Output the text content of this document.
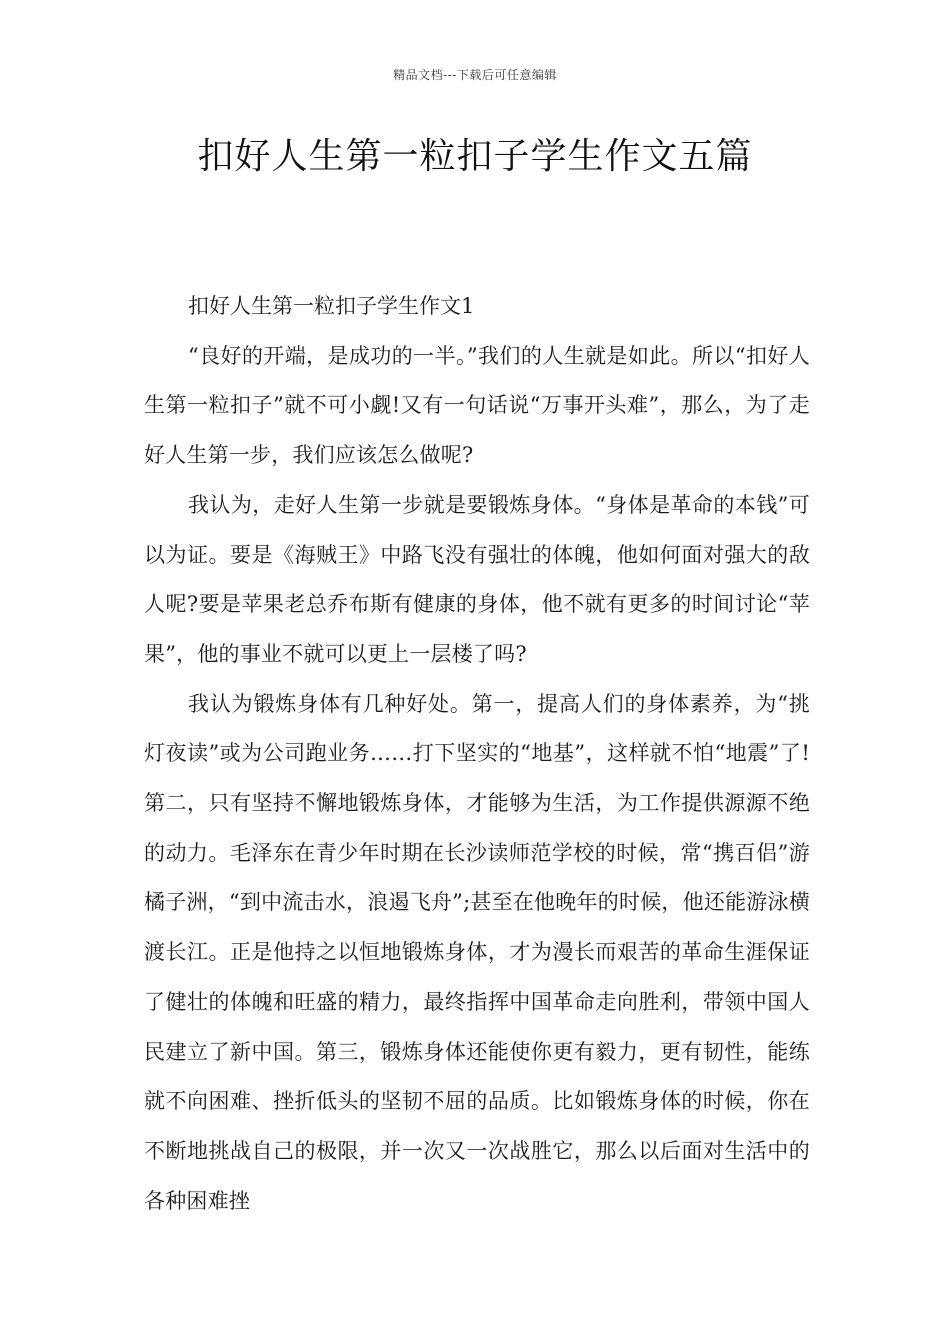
精品文档---下载后可任意编辑
扣好人生第一粒扣子学生作文五篇

扣好人生第一粒扣子学生作文1

“良好的开端，是成功的一半。”我们的人生就是如此。所以“扣好人生第一粒扣子”就不可小觑!又有一句话说“万事开头难”，那么，为了走好人生第一步，我们应该怎么做呢?

我认为，走好人生第一步就是要锻炼身体。“身体是革命的本钱”可以为证。要是《海贼王》中路飞没有强壮的体魄，他如何面对强大的敌人呢?要是苹果老总乔布斯有健康的身体，他不就有更多的时间讨论“苹果”，他的事业不就可以更上一层楼了吗?

我认为锻炼身体有几种好处。第一，提高人们的身体素养，为“挑灯夜读”或为公司跑业务……打下坚实的“地基”，这样就不怕“地震”了!第二，只有坚持不懈地锻炼身体，才能够为生活，为工作提供源源不绝的动力。毛泽东在青少年时期在长沙读师范学校的时候，常“携百侣”游橘子洲，“到中流击水，浪遏飞舟”;甚至在他晚年的时候，他还能游泳横渡长江。正是他持之以恒地锻炼身体，才为漫长而艰苦的革命生涯保证了健壮的体魄和旺盛的精力，最终指挥中国革命走向胜利，带领中国人民建立了新中国。第三，锻炼身体还能使你更有毅力，更有韧性，能练就不向困难、挫折低头的坚韧不屈的品质。比如锻炼身体的时候，你在不断地挑战自己的极限，并一次又一次战胜它，那么以后面对生活中的各种困难挫
